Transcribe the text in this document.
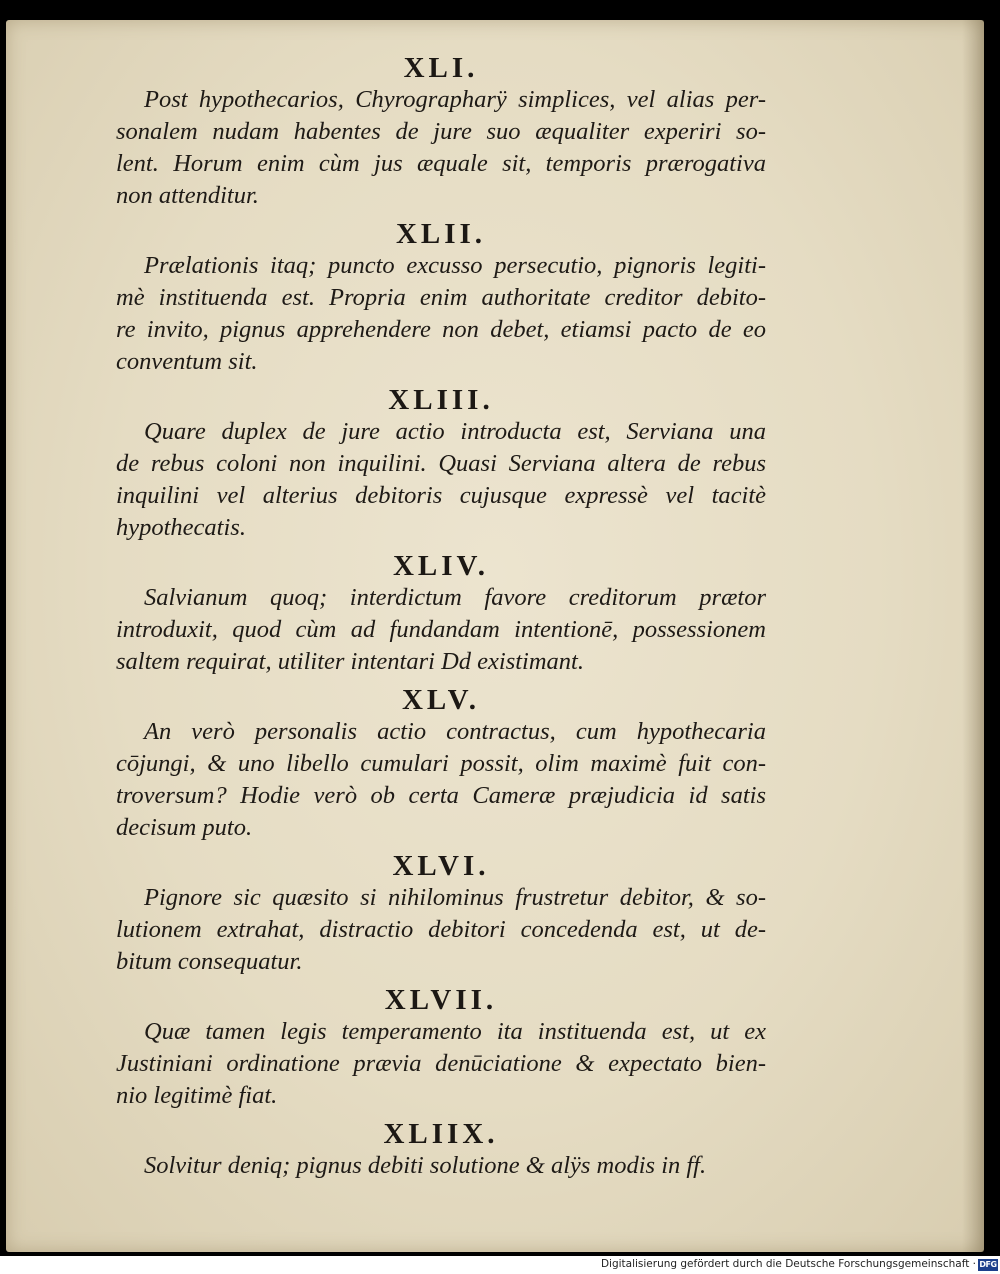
XLI.
Post hypothecarios, Chyrographarÿ simplices, vel alias per-
sonalem nudam habentes de jure suo æqualiter experiri so-
lent. Horum enim cùm jus æquale sit, temporis prærogativa
non attenditur.
XLII.
Prælationis itaq; puncto excusso persecutio, pignoris legiti-
mè instituenda est. Propria enim authoritate creditor debito-
re invito, pignus apprehendere non debet, etiamsi pacto de eo
conventum sit.
XLIII.
Quare duplex de jure actio introducta est, Serviana una
de rebus coloni non inquilini. Quasi Serviana altera de rebus
inquilini vel alterius debitoris cujusque expressè vel tacitè
hypothecatis.
XLIV.
Salvianum quoq; interdictum favore creditorum prætor
introduxit, quod cùm ad fundandam intentionē, possessionem
saltem requirat, utiliter intentari Dd existimant.
XLV.
An verò personalis actio contractus, cum hypothecaria
cōjungi, & uno libello cumulari possit, olim maximè fuit con-
troversum? Hodie verò ob certa Cameræ præjudicia id satis
decisum puto.
XLVI.
Pignore sic quæsito si nihilominus frustretur debitor, & so-
lutionem extrahat, distractio debitori concedenda est, ut de-
bitum consequatur.
XLVII.
Quæ tamen legis temperamento ita instituenda est, ut ex
Justiniani ordinatione prævia denūciatione & expectato bien-
nio legitimè fiat.
XLIIX.
Solvitur deniq; pignus debiti solutione & alÿs modis in ff.
Digitalisierung gefördert durch die Deutsche Forschungsgemeinschaft · DFG
